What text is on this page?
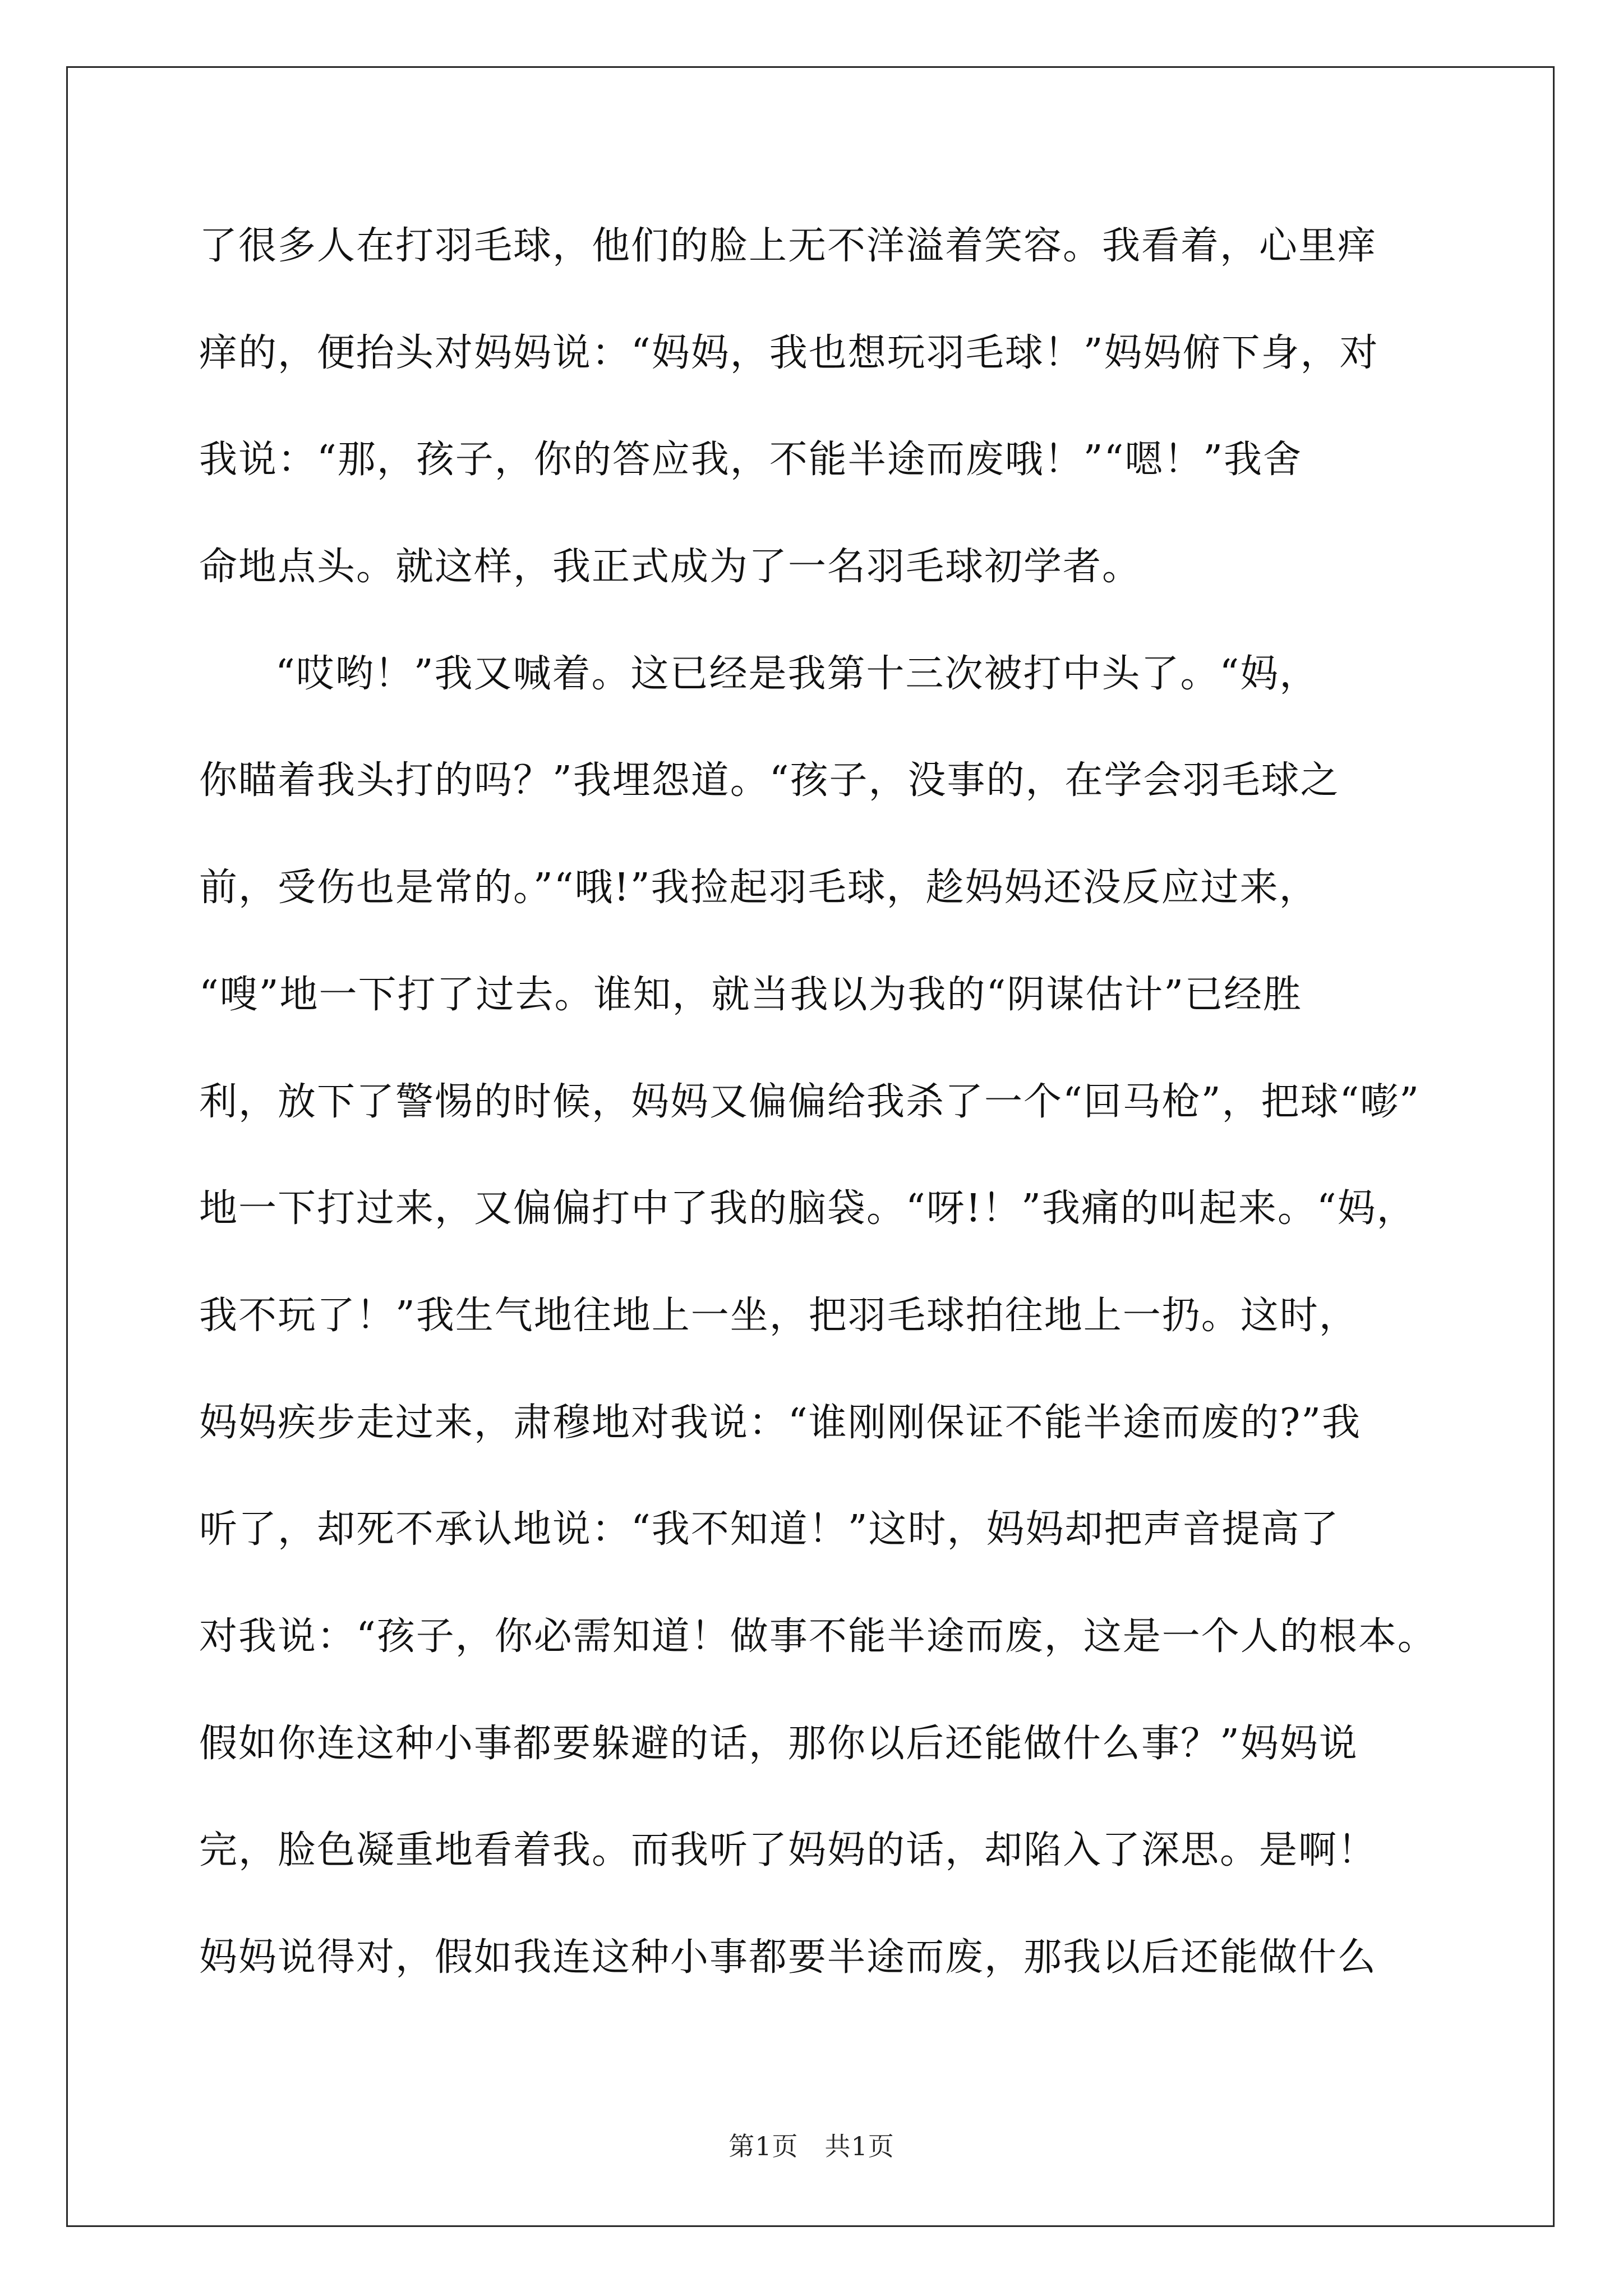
了很多人在打羽毛球，他们的脸上无不洋溢着笑容。我看着，心里痒
痒的，便抬头对妈妈说：“妈妈，我也想玩羽毛球！”妈妈俯下身，对
我说：“那，孩子，你的答应我，不能半途而废哦！”“嗯！”我舍
命地点头。就这样，我正式成为了一名羽毛球初学者。
“哎哟！”我又喊着。这已经是我第十三次被打中头了。“妈，
你瞄着我头打的吗？”我埋怨道。“孩子，没事的，在学会羽毛球之
前，受伤也是常的。”“哦!”我捡起羽毛球，趁妈妈还没反应过来，
“嗖”地一下打了过去。谁知，就当我以为我的“阴谋估计”已经胜
利，放下了警惕的时候，妈妈又偏偏给我杀了一个“回马枪”，把球“嘭”
地一下打过来，又偏偏打中了我的脑袋。“呀!！”我痛的叫起来。“妈，
我不玩了！”我生气地往地上一坐，把羽毛球拍往地上一扔。这时，
妈妈疾步走过来，肃穆地对我说：“谁刚刚保证不能半途而废的?”我
听了，却死不承认地说：“我不知道！”这时，妈妈却把声音提高了
对我说：“孩子，你必需知道！做事不能半途而废，这是一个人的根本。
假如你连这种小事都要躲避的话，那你以后还能做什么事？”妈妈说
完，脸色凝重地看着我。而我听了妈妈的话，却陷入了深思。是啊！
妈妈说得对，假如我连这种小事都要半途而废，那我以后还能做什么
第1页　共1页
